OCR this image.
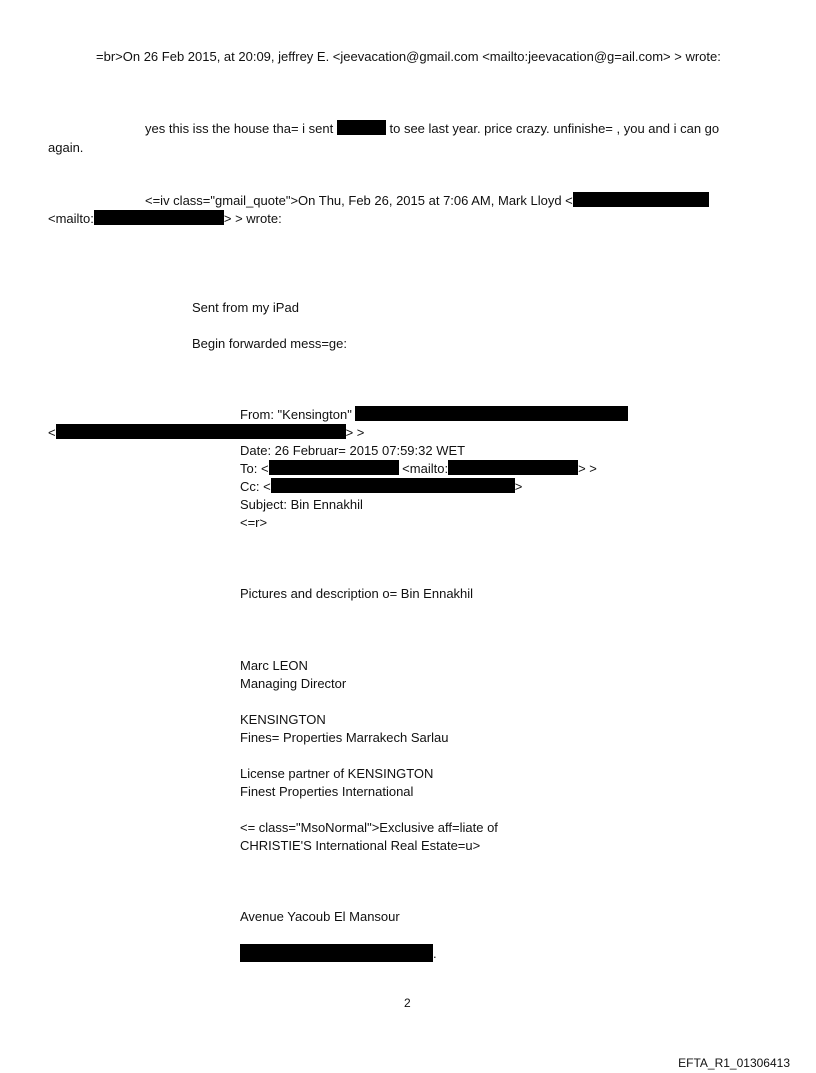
=br>On 26 Feb 2015, at 20:09, jeffrey E. <jeevacation@gmail.com <mailto:jeevacation@g=ail.com> > wrote:
yes this iss the house tha= i sent	to see last year. price crazy. unfinishe= , you and i can go
again.
<=iv class="gmail_quote">On Thu, Feb 26, 2015 at 7:06 AM, Mark Lloyd <
<mailto:	> > wrote:
Sent from my iPad
Begin forwarded mess=ge:
From: "Kensington"
<	> >
Date: 26 Februar= 2015 07:59:32 WET
To: <	<mailto:	> >
Cc: <	>
Subject: Bin Ennakhil
<=r>
Pictures and description o= Bin Ennakhil
Marc LEON
Managing Director
KENSINGTON
Fines= Properties Marrakech Sarlau
License partner of KENSINGTON
Finest Properties International
<= class="MsoNormal">Exclusive aff=liate of
CHRISTIE'S International Real Estate=u>
Avenue Yacoub El Mansour
.
2
EFTA_R1_01306413
